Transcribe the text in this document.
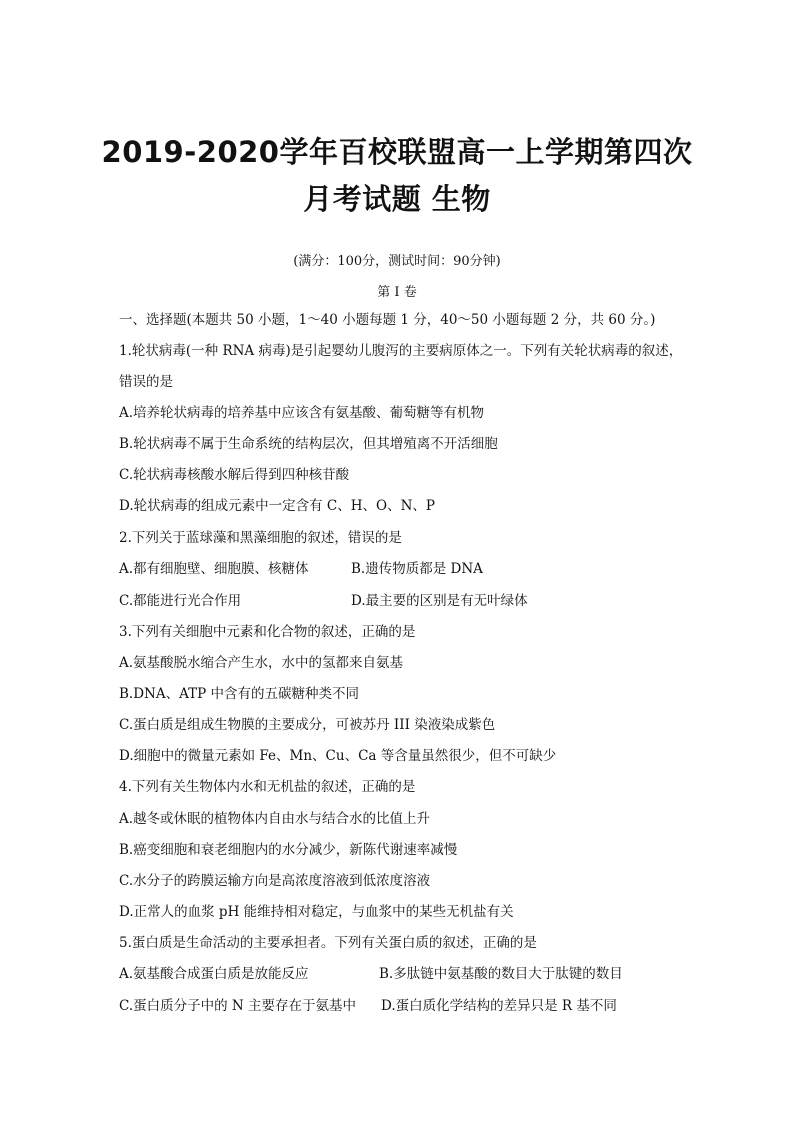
2019-2020学年百校联盟高一上学期第四次
月考试题 生物
(满分：100分，测试时间：90分钟)
第 I 卷
一、选择题(本题共 50 小题，1～40 小题每题 1 分，40～50 小题每题 2 分，共 60 分。)
1.轮状病毒(一种 RNA 病毒)是引起婴幼儿腹泻的主要病原体之一。下列有关轮状病毒的叙述，
错误的是
A.培养轮状病毒的培养基中应该含有氨基酸、葡萄糖等有机物
B.轮状病毒不属于生命系统的结构层次，但其增殖离不开活细胞
C.轮状病毒核酸水解后得到四种核苷酸
D.轮状病毒的组成元素中一定含有 C、H、O、N、P
2.下列关于蓝球藻和黑藻细胞的叙述，错误的是
A.都有细胞壁、细胞膜、核糖体	B.遗传物质都是 DNA
C.都能进行光合作用	D.最主要的区别是有无叶绿体
3.下列有关细胞中元素和化合物的叙述，正确的是
A.氨基酸脱水缩合产生水，水中的氢都来自氨基
B.DNA、ATP 中含有的五碳糖种类不同
C.蛋白质是组成生物膜的主要成分，可被苏丹 III 染液染成紫色
D.细胞中的微量元素如 Fe、Mn、Cu、Ca 等含量虽然很少，但不可缺少
4.下列有关生物体内水和无机盐的叙述，正确的是
A.越冬或休眠的植物体内自由水与结合水的比值上升
B.癌变细胞和衰老细胞内的水分减少，新陈代谢速率减慢
C.水分子的跨膜运输方向是高浓度溶液到低浓度溶液
D.正常人的血浆 pH 能维持相对稳定，与血浆中的某些无机盐有关
5.蛋白质是生命活动的主要承担者。下列有关蛋白质的叙述，正确的是
A.氨基酸合成蛋白质是放能反应	B.多肽链中氨基酸的数目大于肽键的数目
C.蛋白质分子中的 N 主要存在于氨基中 D.蛋白质化学结构的差异只是 R 基不同
